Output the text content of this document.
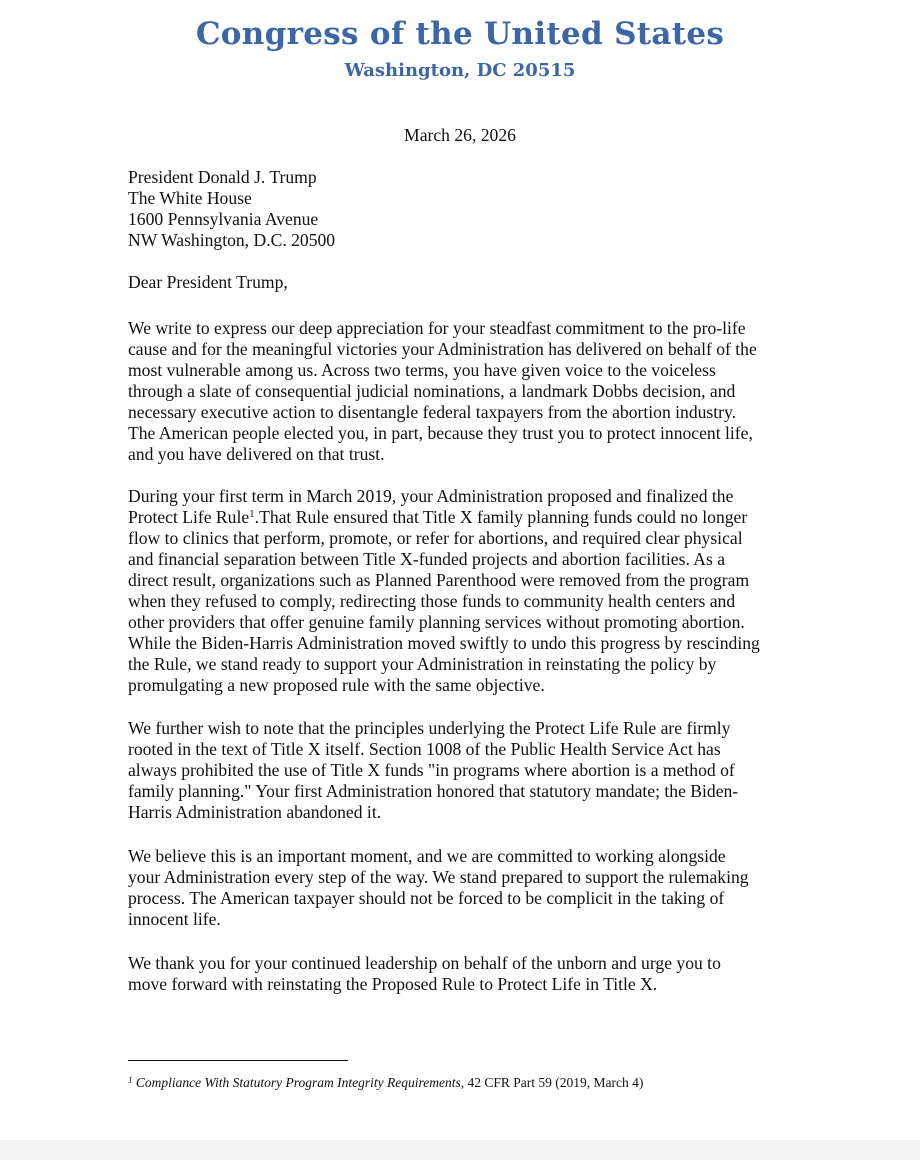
Congress of the United States
Washington, DC 20515
March 26, 2026
President Donald J. Trump
The White House
1600 Pennsylvania Avenue
NW Washington, D.C. 20500
Dear President Trump,
We write to express our deep appreciation for your steadfast commitment to the pro-life
cause and for the meaningful victories your Administration has delivered on behalf of the
most vulnerable among us. Across two terms, you have given voice to the voiceless
through a slate of consequential judicial nominations, a landmark Dobbs decision, and
necessary executive action to disentangle federal taxpayers from the abortion industry.
The American people elected you, in part, because they trust you to protect innocent life,
and you have delivered on that trust.
During your first term in March 2019, your Administration proposed and finalized the
Protect Life Rule$^1$.That Rule ensured that Title X family planning funds could no longer
flow to clinics that perform, promote, or refer for abortions, and required clear physical
and financial separation between Title X-funded projects and abortion facilities. As a
direct result, organizations such as Planned Parenthood were removed from the program
when they refused to comply, redirecting those funds to community health centers and
other providers that offer genuine family planning services without promoting abortion.
While the Biden-Harris Administration moved swiftly to undo this progress by rescinding
the Rule, we stand ready to support your Administration in reinstating the policy by
promulgating a new proposed rule with the same objective.
We further wish to note that the principles underlying the Protect Life Rule are firmly
rooted in the text of Title X itself. Section 1008 of the Public Health Service Act has
always prohibited the use of Title X funds "in programs where abortion is a method of
family planning." Your first Administration honored that statutory mandate; the Biden-
Harris Administration abandoned it.
We believe this is an important moment, and we are committed to working alongside
your Administration every step of the way. We stand prepared to support the rulemaking
process. The American taxpayer should not be forced to be complicit in the taking of
innocent life.
We thank you for your continued leadership on behalf of the unborn and urge you to
move forward with reinstating the Proposed Rule to Protect Life in Title X.
$^1$ Compliance With Statutory Program Integrity Requirements, 42 CFR Part 59 (2019, March 4)
